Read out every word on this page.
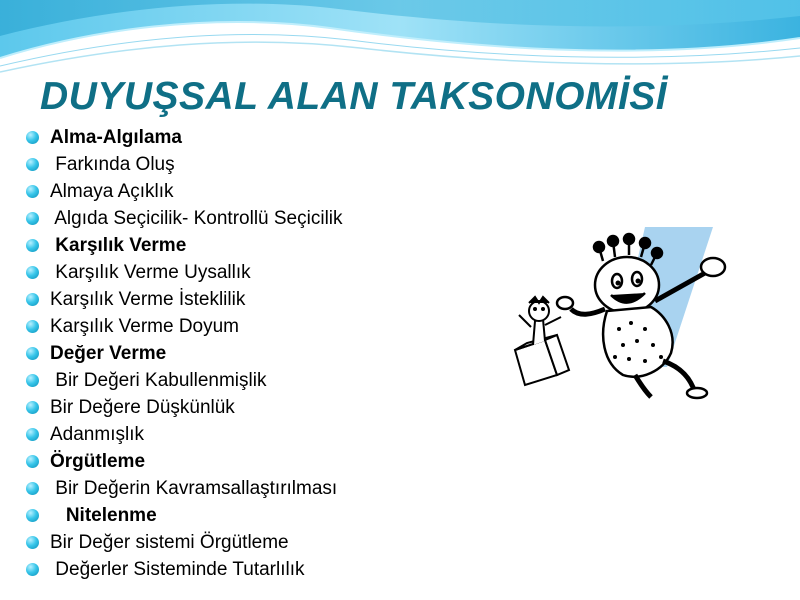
DUYUŞSAL ALAN TAKSONOMİSİ
Alma-Algılama
Farkında Oluş
Almaya Açıklık
Algıda Seçicilik- Kontrollü Seçicilik
Karşılık Verme
Karşılık Verme Uysallık
Karşılık Verme İsteklilik
Karşılık Verme Doyum
Değer Verme
Bir Değeri Kabullenmişlik
Bir Değere Düşkünlük
Adanmışlık
Örgütleme
Bir Değerin Kavramsallaştırılması
Nitelenme
Bir Değer sistemi Örgütleme
Değerler Sisteminde Tutarlılık
